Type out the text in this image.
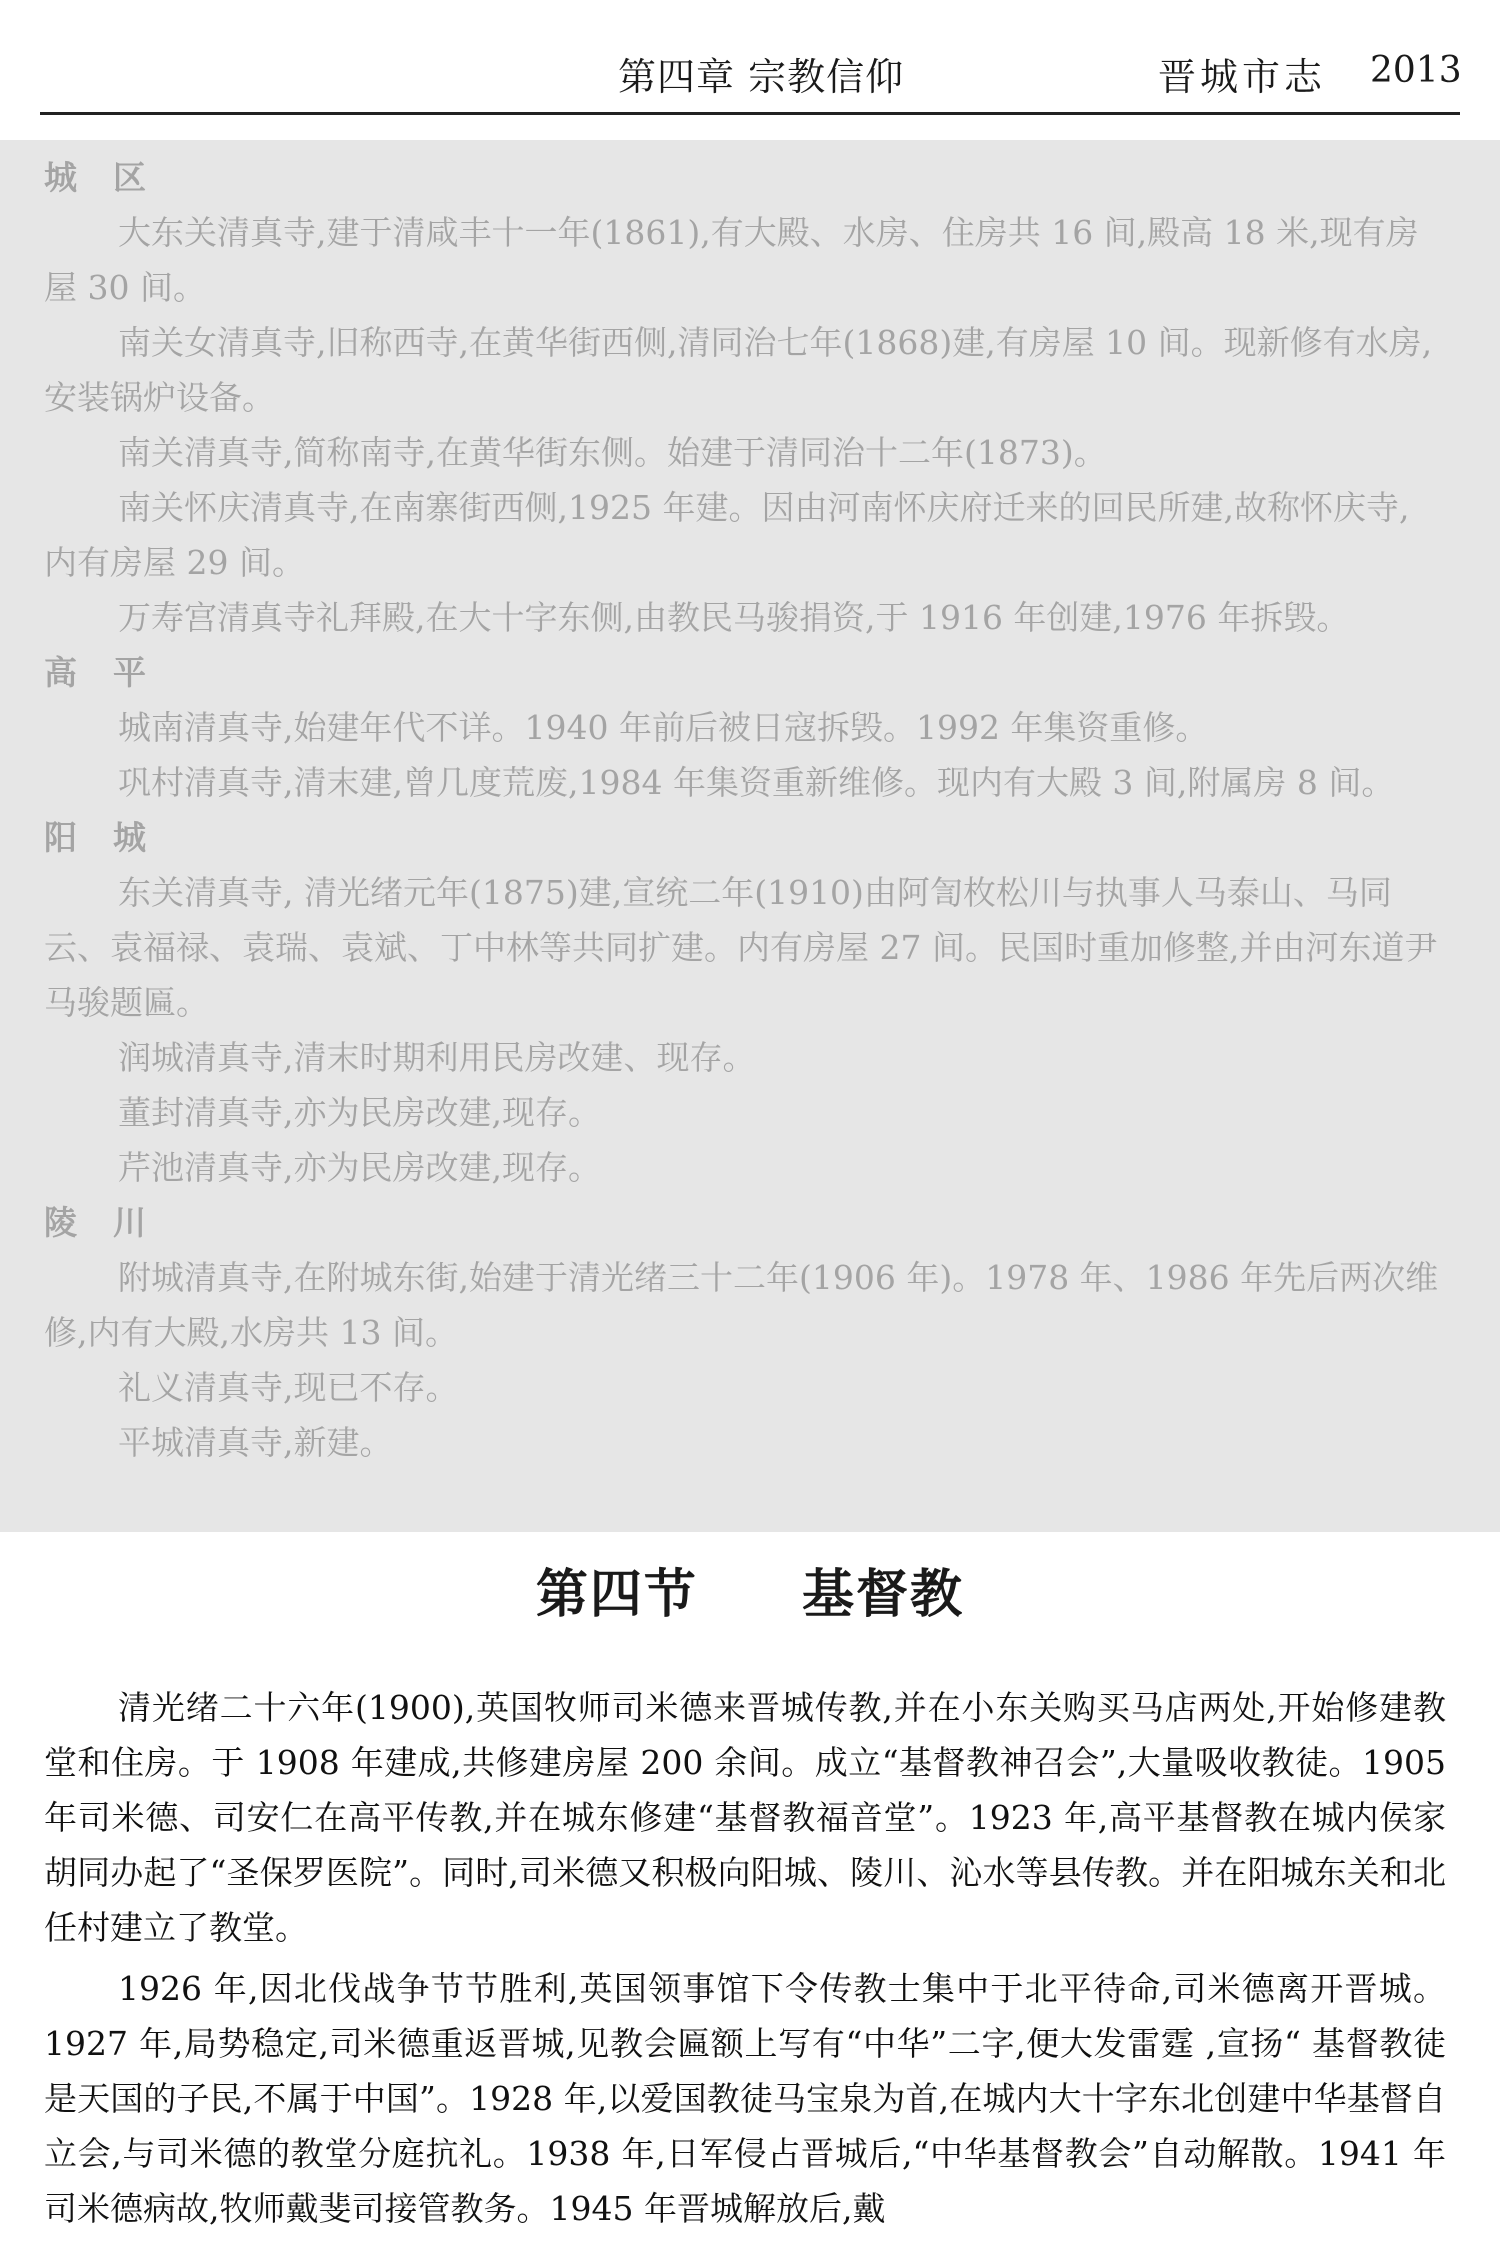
第四章 宗教信仰	晋城市志 2013

城区

大东关清真寺,建于清咸丰十一年(1861),有大殿、水房、住房共 16 间,殿高 18 米,现有房屋 30 间。

南关女清真寺,旧称西寺,在黄华街西侧,清同治七年(1868)建,有房屋 10 间。现新修有水房,安装锅炉设备。

南关清真寺,简称南寺,在黄华街东侧。始建于清同治十二年(1873)。

南关怀庆清真寺,在南寨街西侧,1925 年建。因由河南怀庆府迁来的回民所建,故称怀庆寺,内有房屋 29 间。

万寿宫清真寺礼拜殿,在大十字东侧,由教民马骏捐资,于 1916 年创建,1976 年拆毁。

高平

城南清真寺,始建年代不详。1940 年前后被日寇拆毁。1992 年集资重修。

巩村清真寺,清末建,曾几度荒废,1984 年集资重新维修。现内有大殿 3 间,附属房 8 间。

阳城

东关清真寺, 清光绪元年(1875)建,宣统二年(1910)由阿訇枚松川与执事人马泰山、马同云、袁福禄、袁瑞、袁斌、丁中林等共同扩建。内有房屋 27 间。民国时重加修整,并由河东道尹马骏题匾。

润城清真寺,清末时期利用民房改建、现存。

董封清真寺,亦为民房改建,现存。

芹池清真寺,亦为民房改建,现存。

陵川

附城清真寺,在附城东街,始建于清光绪三十二年(1906 年)。1978 年、1986 年先后两次维修,内有大殿,水房共 13 间。

礼义清真寺,现已不存。

平城清真寺,新建。

第四节 基督教

清光绪二十六年(1900),英国牧师司米德来晋城传教,并在小东关购买马店两处,开始修建教堂和住房。于 1908 年建成,共修建房屋 200 余间。成立“基督教神召会”,大量吸收教徒。1905 年司米德、司安仁在高平传教,并在城东修建“基督教福音堂”。1923 年,高平基督教在城内侯家胡同办起了“圣保罗医院”。同时,司米德又积极向阳城、陵川、沁水等县传教。并在阳城东关和北任村建立了教堂。

1926 年,因北伐战争节节胜利,英国领事馆下令传教士集中于北平待命,司米德离开晋城。1927 年,局势稳定,司米德重返晋城,见教会匾额上写有“中华”二字,便大发雷霆 ,宣扬“ 基督教徒是天国的子民,不属于中国”。1928 年,以爱国教徒马宝泉为首,在城内大十字东北创建中华基督自立会,与司米德的教堂分庭抗礼。1938 年,日军侵占晋城后,“中华基督教会”自动解散。1941 年司米德病故,牧师戴斐司接管教务。1945 年晋城解放后,戴
